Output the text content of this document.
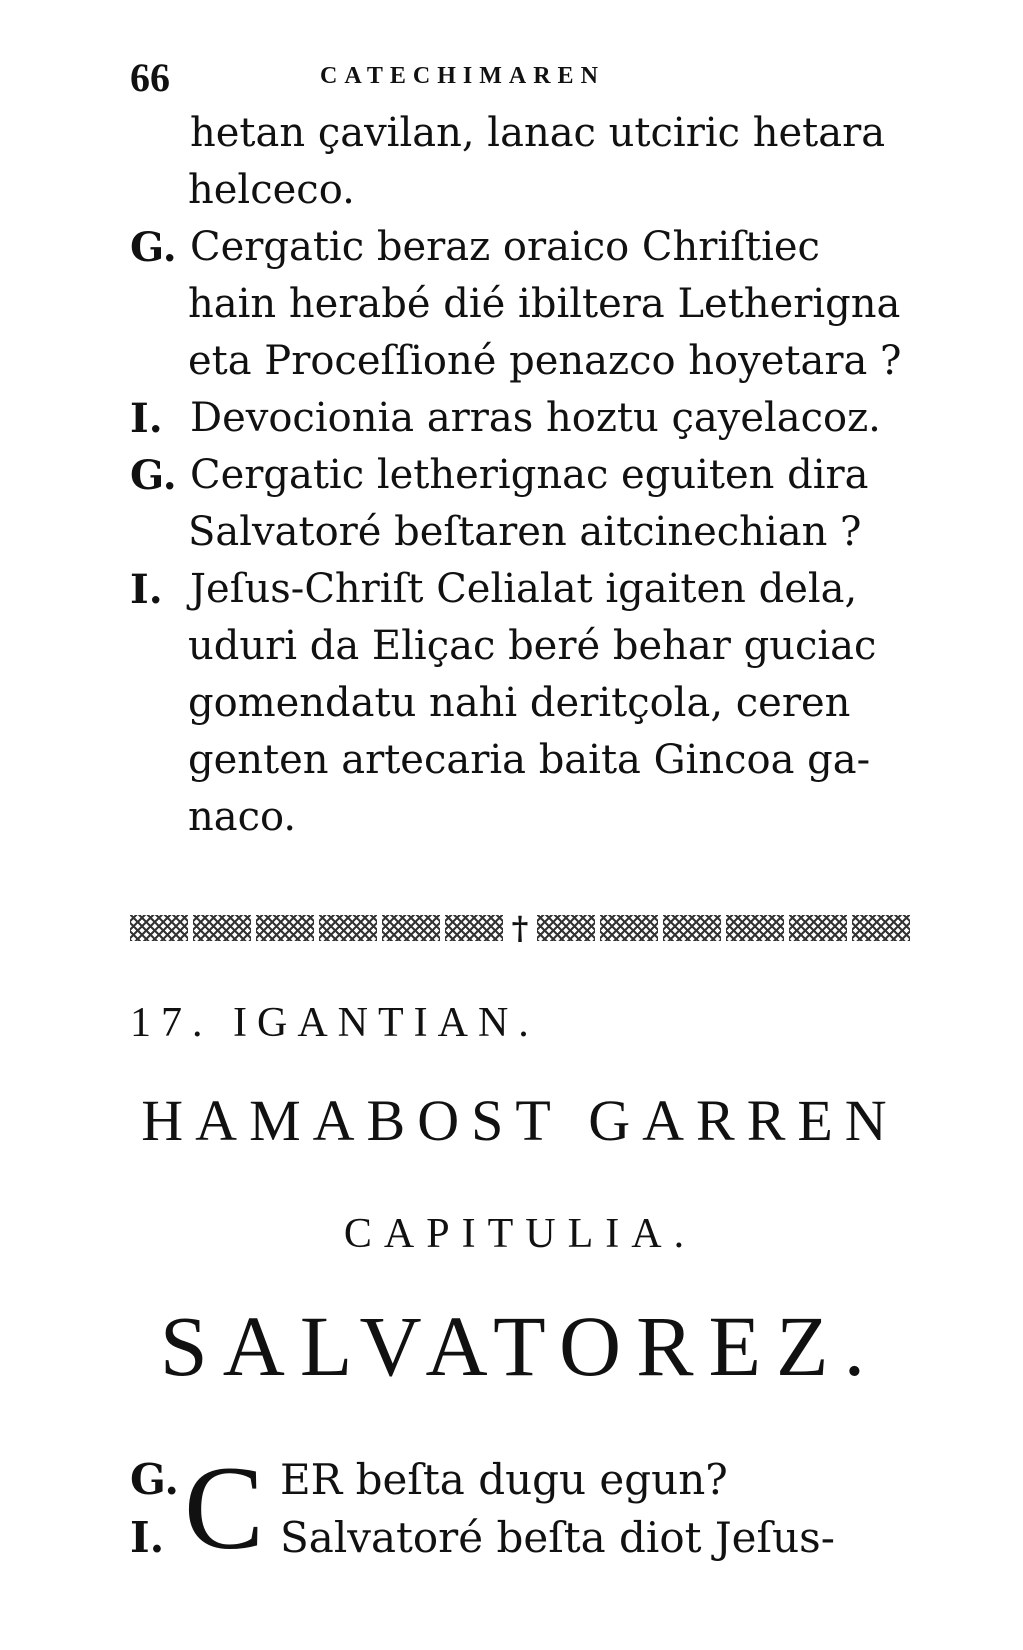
66	CATECHIMAREN
hetan çavilan, lanac utciric hetara
helceco.
G. Cergatic beraz oraico Chriſtiec
hain herabé dié ibiltera Letherigna
eta Proceſſioné penazco hoyetara ?
I. Devocionia arras hoztu çayelacoz.
G. Cergatic letherignac eguiten dira
Salvatoré beſtaren aitcinechian ?
I. Jeſus-Chriſt Celialat igaiten dela,
uduri da Eliçac beré behar guciac
gomendatu nahi deritçola, ceren
genten artecaria baita Gincoa ga-
naco.
†
17. IGANTIAN.
HAMABOST GARREN
CAPITULIA.
SALVATOREZ.
G. C ER beſta dugu egun?
I.	Salvatoré beſta diot Jeſus-
